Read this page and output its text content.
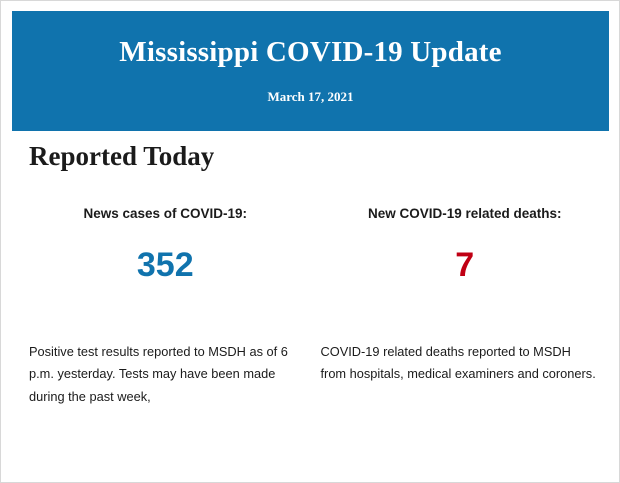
Mississippi COVID-19 Update
March 17, 2021
Reported Today
News cases of COVID-19:
352
New COVID-19 related deaths:
7
Positive test results reported to MSDH as of 6 p.m. yesterday. Tests may have been made during the past week,
COVID-19 related deaths reported to MSDH from hospitals, medical examiners and coroners.
